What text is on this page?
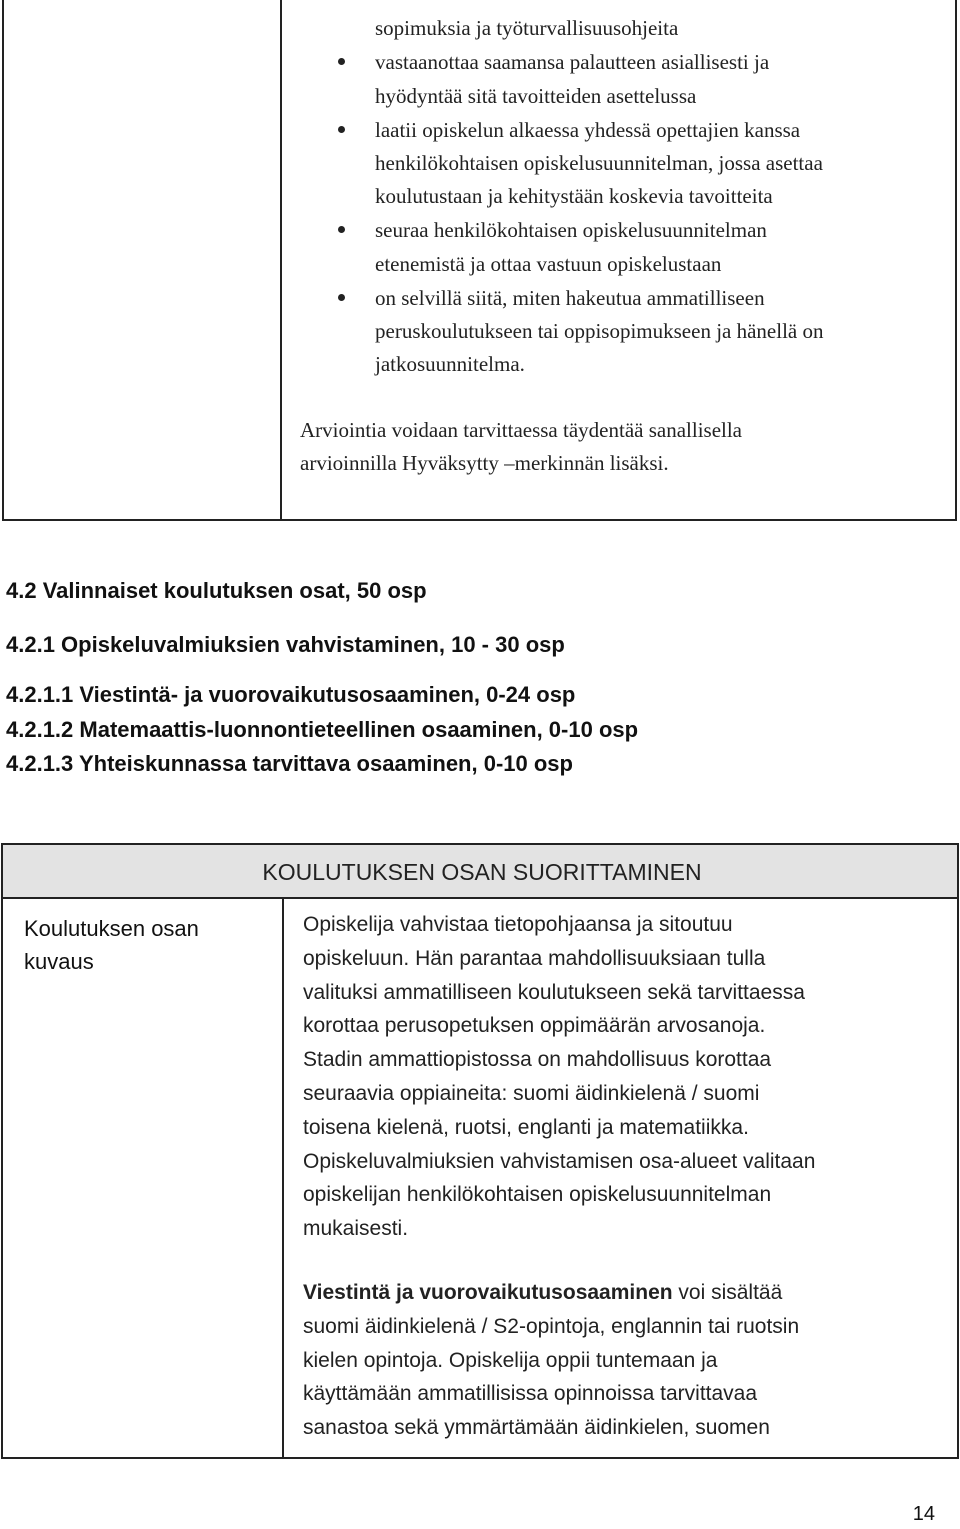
sopimuksia ja työturvallisuusohjeita
vastaanottaa saamansa palautteen asiallisesti ja
hyödyntää sitä tavoitteiden asettelussa
laatii opiskelun alkaessa yhdessä opettajien kanssa
henkilökohtaisen opiskelusuunnitelman, jossa asettaa
koulutustaan ja kehitystään koskevia tavoitteita
seuraa henkilökohtaisen opiskelusuunnitelman
etenemistä ja ottaa vastuun opiskelustaan
on selvillä siitä, miten hakeutua ammatilliseen
peruskoulutukseen tai oppisopimukseen ja hänellä on
jatkosuunnitelma.
Arviointia voidaan tarvittaessa täydentää sanallisella
arvioinnilla Hyväksytty –merkinnän lisäksi.
4.2 Valinnaiset koulutuksen osat, 50 osp
4.2.1 Opiskeluvalmiuksien vahvistaminen, 10 - 30 osp
4.2.1.1 Viestintä- ja vuorovaikutusosaaminen, 0-24 osp
4.2.1.2 Matemaattis-luonnontieteellinen osaaminen, 0-10 osp
4.2.1.3 Yhteiskunnassa tarvittava osaaminen, 0-10 osp
KOULUTUKSEN OSAN SUORITTAMINEN
Koulutuksen osan
kuvaus
Opiskelija vahvistaa tietopohjaansa ja sitoutuu
opiskeluun. Hän parantaa mahdollisuuksiaan tulla
valituksi ammatilliseen koulutukseen sekä tarvittaessa
korottaa perusopetuksen oppimäärän arvosanoja.
Stadin ammattiopistossa on mahdollisuus korottaa
seuraavia oppiaineita: suomi äidinkielenä / suomi
toisena kielenä, ruotsi, englanti ja matematiikka.
Opiskeluvalmiuksien vahvistamisen osa-alueet valitaan
opiskelijan henkilökohtaisen opiskelusuunnitelman
mukaisesti.
Viestintä ja vuorovaikutusosaaminen voi sisältää
suomi äidinkielenä / S2-opintoja, englannin tai ruotsin
kielen opintoja. Opiskelija oppii tuntemaan ja
käyttämään ammatillisissa opinnoissa tarvittavaa
sanastoa sekä ymmärtämään äidinkielen, suomen
14
